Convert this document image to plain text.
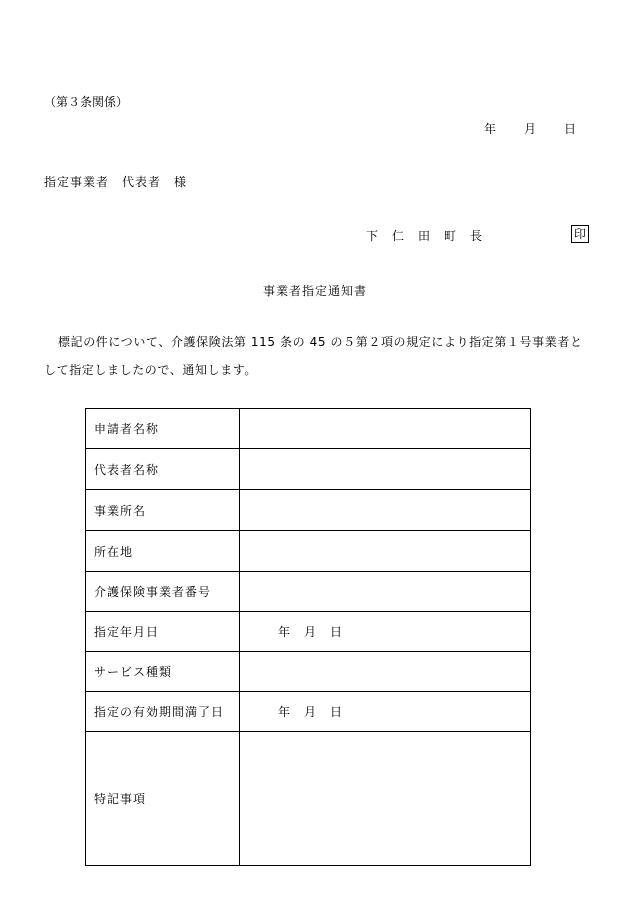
（第３条関係）
年 月 日
指定事業者　代表者　様
下 仁 田 町 長	印
事業者指定通知書
標記の件について、介護保険法第 115 条の 45 の５第２項の規定により指定第１号事業者として指定しましたので、通知します。
申請者名称	
代表者名称	
事業所名	
所在地	
介護保険事業者番号	
指定年月日	年 月 日
サービス種類	
指定の有効期間満了日	年 月 日
特記事項	
